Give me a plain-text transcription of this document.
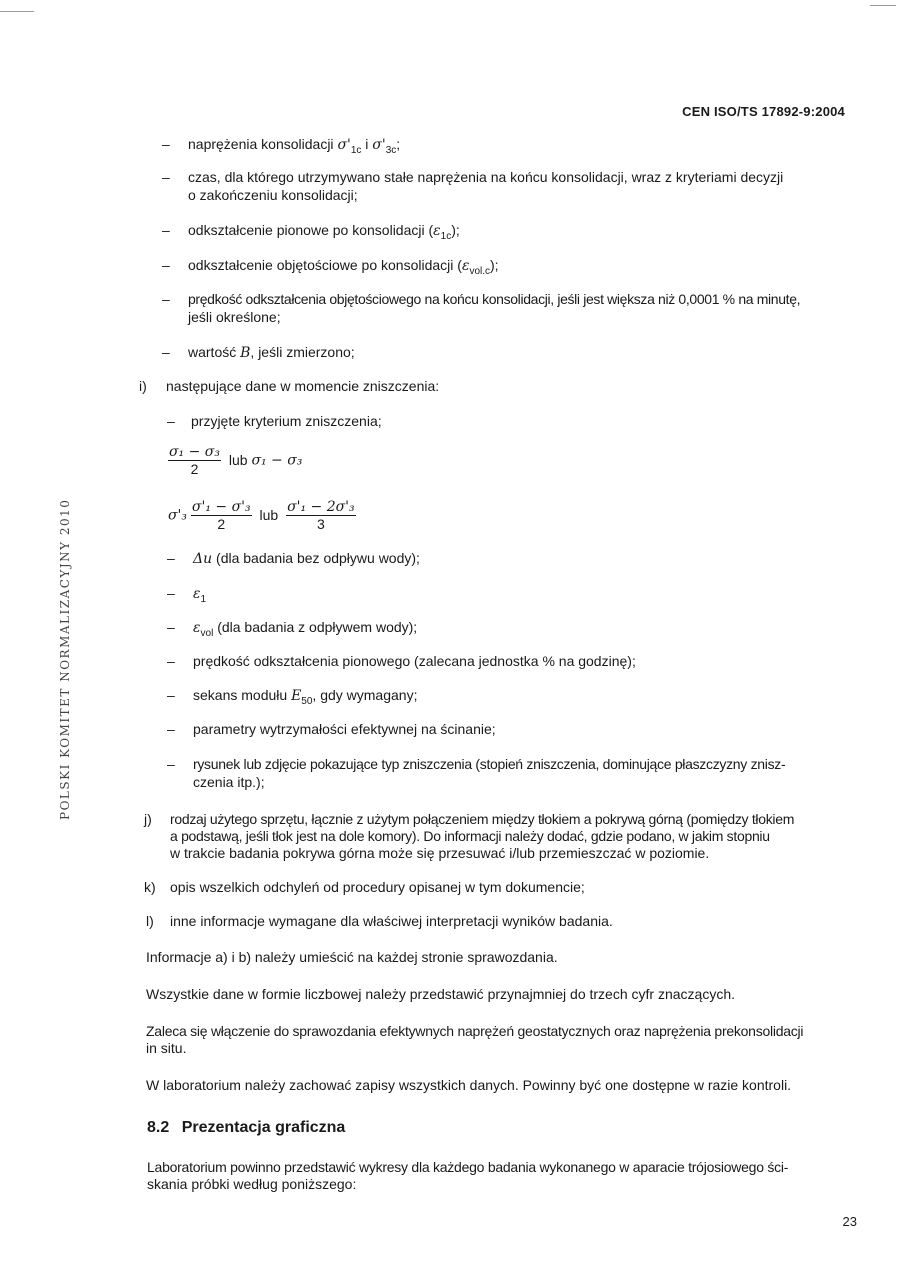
CEN ISO/TS 17892-9:2004
POLSKI KOMITET NORMALIZACYJNY 2010
– naprężenia konsolidacji $\sigma'_{1c}$ i $\sigma'_{3c}$;
– czas, dla którego utrzymywano stałe naprężenia na końcu konsolidacji, wraz z kryteriami decyzji
o zakończeniu konsolidacji;
– odkształcenie pionowe po konsolidacji $(\varepsilon_{1c})$;
– odkształcenie objętościowe po konsolidacji $(\varepsilon_{vol.c})$;
– prędkość odkształcenia objętościowego na końcu konsolidacji, jeśli jest większa niż 0,0001 % na minutę,
jeśli określone;
– wartość B, jeśli zmierzono;
i) następujące dane w momencie zniszczenia:
– przyjęte kryterium zniszczenia;
$\frac{\text{σ₁ − σ₃}}{2}$ lub σ₁ − σ₃
$\sigma'_3 \frac{\text{σ'₁ − σ'₃}}{2}$ lub $\frac{\text{σ'₁ − 2σ'₃}}{3}$
– Δu (dla badania bez odpływu wody);
– $\varepsilon_1$
– $\varepsilon_{vol}$ (dla badania z odpływem wody);
– prędkość odkształcenia pionowego (zalecana jednostka % na godzinę);
– sekans modułu $E_{50}$, gdy wymagany;
– parametry wytrzymałości efektywnej na ścinanie;
– rysunek lub zdjęcie pokazujące typ zniszczenia (stopień zniszczenia, dominujące płaszczyzny znisz-
czenia itp.);
j) rodzaj użytego sprzętu, łącznie z użytym połączeniem między tłokiem a pokrywą górną (pomiędzy tłokiem
a podstawą, jeśli tłok jest na dole komory). Do informacji należy dodać, gdzie podano, w jakim stopniu
w trakcie badania pokrywa górna może się przesuwać i/lub przemieszczać w poziomie.
k) opis wszelkich odchyleń od procedury opisanej w tym dokumencie;
l) inne informacje wymagane dla właściwej interpretacji wyników badania.

Informacje a) i b) należy umieścić na każdej stronie sprawozdania.

Wszystkie dane w formie liczbowej należy przedstawić przynajmniej do trzech cyfr znaczących.

Zaleca się włączenie do sprawozdania efektywnych naprężeń geostatycznych oraz naprężenia prekonsolidacji

in situ.

W laboratorium należy zachować zapisy wszystkich danych. Powinny być one dostępne w razie kontroli.

8.2 Prezentacja graficzna

Laboratorium powinno przedstawić wykresy dla każdego badania wykonanego w aparacie trójosiowego ści-

skania próbki według poniższego:

23
